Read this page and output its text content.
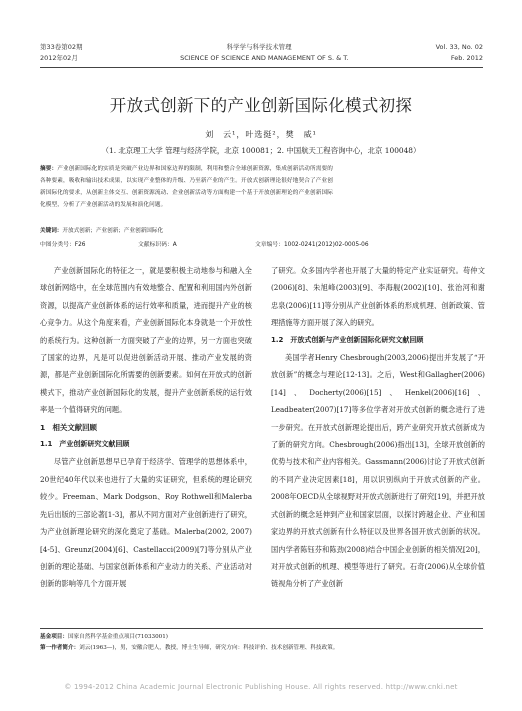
第33卷第02期	科学学与科学技术管理	Vol. 33, No. 02
2012年02月	SCIENCE OF SCIENCE AND MANAGEMENT OF S. & T.	Feb. 2012
开放式创新下的产业创新国际化模式初探
刘　云¹，叶选挺²，樊　威¹
（1. 北京理工大学 管理与经济学院，北京 100081；2. 中国航天工程咨询中心，北京 100048）
摘要：产业创新国际化的实质是突破产业边界和国家边界的限制，利用和整合全球创新资源，集成创新活动所需要的
各种要素，吸收和输出技术成果，以实现产业整体的升级、乃至新产业的产生。开放式创新理论很好地契合了产业创
新国际化的要求，从创新主体交互、创新资源流动、企业创新活动等方面构建一个基于开放创新理论的产业创新国际
化模型，分析了产业创新活动的发展和演化问题。
关键词：开放式创新；产业创新；产业创新国际化
中图分类号：F26	文献标识码：A	文章编号：1002-0241(2012)02-0005-06

产业创新国际化的特征之一，就是要积极主动地参与和融入全球创新网络中，在全球范围内有效地整合、配置和利用国内外创新资源，以提高产业创新体系的运行效率和质量，进而提升产业的核心竞争力。从这个角度来看，产业创新国际化本身就是一个开放性的系统行为。这种创新一方面突破了产业的边界，另一方面也突破了国家的边界，凡是可以促进创新活动开展、推动产业发展的资源，都是产业创新国际化所需要的创新要素。如何在开放式的创新模式下，推动产业创新国际化的发展，提升产业创新系统的运行效率是一个值得研究的问题。

1　相关文献回顾
1.1　产业创新研究文献回顾

尽管产业创新思想早已孕育于经济学、管理学的思想体系中，20世纪40年代以来也进行了大量的实证研究，但系统的理论研究较少。Freeman、Mark Dodgson、Roy Rothwell和Malerba先后出版的三部论著[1-3]，都从不同方面对产业创新进行了研究，为产业创新理论研究的深化奠定了基础。Malerba(2002, 2007)[4-5]、Greunz(2004)[6]、Castellacci(2009)[7]等分别从产业创新的理论基础、与国家创新体系和产业动力的关系、产业活动对创新的影响等几个方面开展

了研究。众多国内学者也开展了大量的特定产业实证研究。苟仲文(2006)[8]、朱旭峰(2003)[9]、李海舰(2002)[10]、张治河和谢忠泉(2006)[11]等分别从产业创新体系的形成机理、创新政策、管理措施等方面开展了深入的研究。

1.2　开放式创新与产业创新国际化研究文献回顾

美国学者Henry Chesbrough(2003,2006)提出并发展了“开放创新”的概念与理论[12-13]。之后，West和Gallagher(2006)[14]、Docherty(2006)[15]、Henkel(2006)[16]、Leadbeater(2007)[17]等多位学者对开放式创新的概念进行了进一步研究。在开放式创新理论提出后，跨产业研究开放式创新成为了新的研究方向。Chesbrough(2006)指出[13]，全球开放创新的优势与技术和产业内容相关。Gassmann(2006)讨论了开放式创新的不同产业决定因素[18]，用以识别纵向于开放式创新的产业。2008年OECD从全球视野对开放式创新进行了研究[19]，并把开放式创新的概念延伸到产业和国家层面，以探讨跨越企业、产业和国家边界的开放式创新有什么特征以及世界各国开放式创新的状况。国内学者陈钰芬和陈劲(2008)结合中国企业创新的相关情况[20]，对开放式创新的机理、模型等进行了研究。石奇(2006)从全球价值链视角分析了产业创新

基金项目：国家自然科学基金重点项目(71033001)
第一作者简介：刘云(1963—)，男，安徽合肥人，教授，博士生导师，研究方向：科技评价、技术创新管理、科技政策。
© 1994-2012 China Academic Journal Electronic Publishing House. All rights reserved. http://www.cnki.net
